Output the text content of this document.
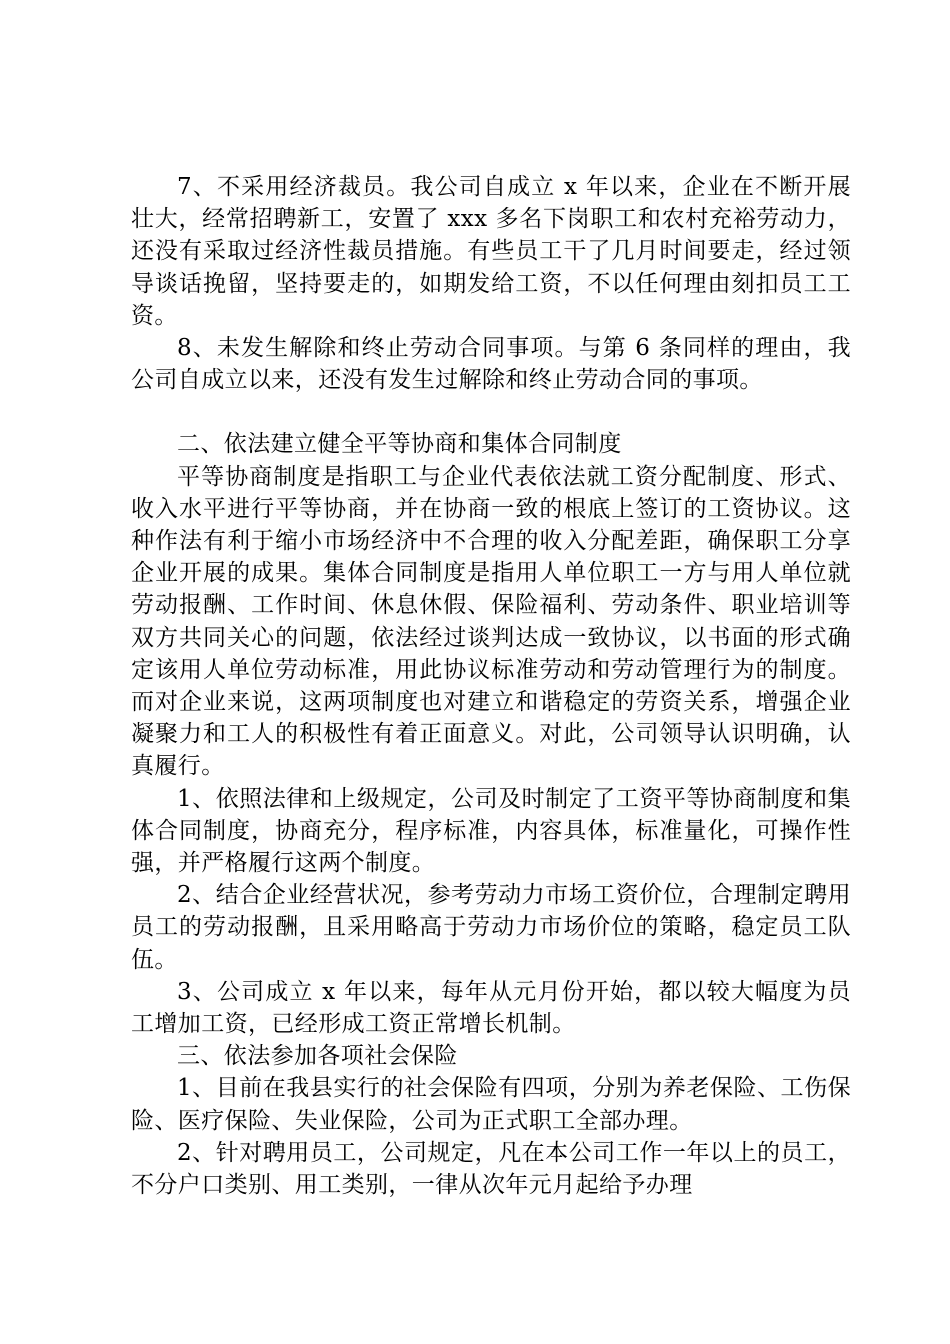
7、不采用经济裁员。我公司自成立 x 年以来，企业在不断开展壮大，经常招聘新工，安置了 xxx 多名下岗职工和农村充裕劳动力，还没有采取过经济性裁员措施。有些员工干了几月时间要走，经过领导谈话挽留，坚持要走的，如期发给工资，不以任何理由刻扣员工工资。

8、未发生解除和终止劳动合同事项。与第 6 条同样的理由，我公司自成立以来，还没有发生过解除和终止劳动合同的事项。

二、依法建立健全平等协商和集体合同制度

平等协商制度是指职工与企业代表依法就工资分配制度、形式、收入水平进行平等协商，并在协商一致的根底上签订的工资协议。这种作法有利于缩小市场经济中不合理的收入分配差距，确保职工分享企业开展的成果。集体合同制度是指用人单位职工一方与用人单位就劳动报酬、工作时间、休息休假、保险福利、劳动条件、职业培训等双方共同关心的问题，依法经过谈判达成一致协议，以书面的形式确定该用人单位劳动标准，用此协议标准劳动和劳动管理行为的制度。而对企业来说，这两项制度也对建立和谐稳定的劳资关系，增强企业凝聚力和工人的积极性有着正面意义。对此，公司领导认识明确，认真履行。

1、依照法律和上级规定，公司及时制定了工资平等协商制度和集体合同制度，协商充分，程序标准，内容具体，标准量化，可操作性强，并严格履行这两个制度。

2、结合企业经营状况，参考劳动力市场工资价位，合理制定聘用员工的劳动报酬，且采用略高于劳动力市场价位的策略，稳定员工队伍。

3、公司成立 x 年以来，每年从元月份开始，都以较大幅度为员工增加工资，已经形成工资正常增长机制。

三、依法参加各项社会保险

1、目前在我县实行的社会保险有四项，分别为养老保险、工伤保险、医疗保险、失业保险，公司为正式职工全部办理。

2、针对聘用员工，公司规定，凡在本公司工作一年以上的员工，不分户口类别、用工类别，一律从次年元月起给予办理
